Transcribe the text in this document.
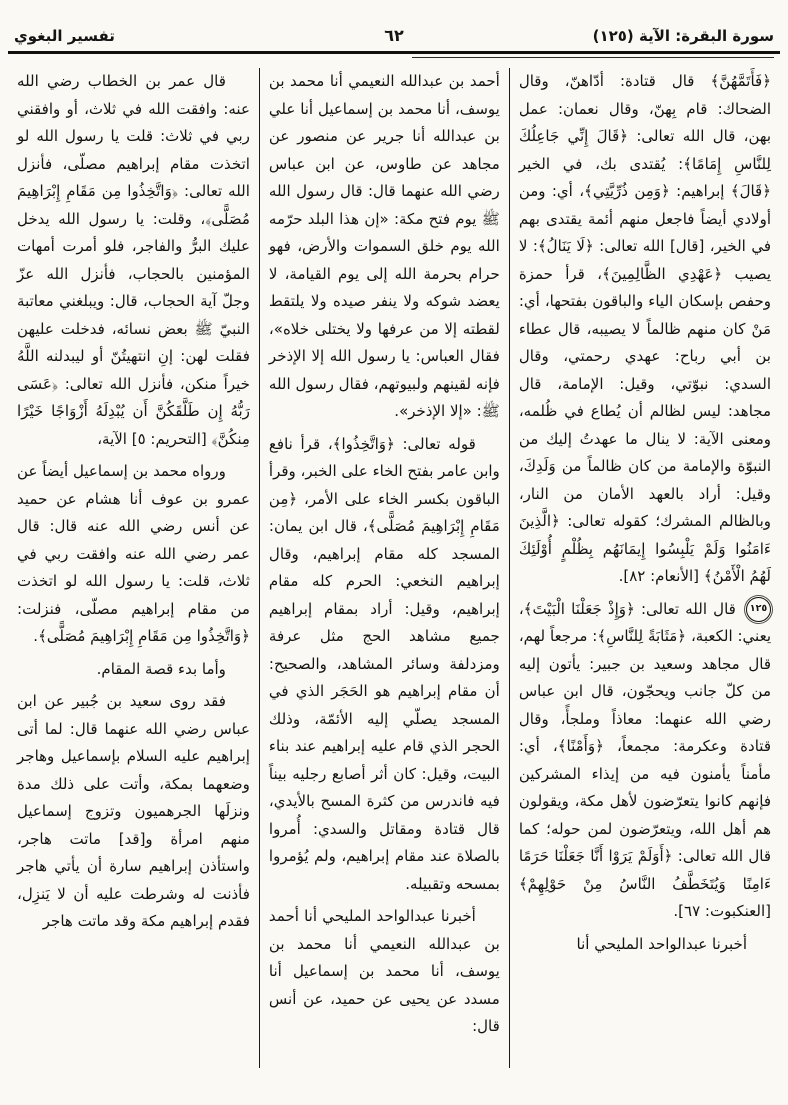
سورة البقرة: الآية (١٢٥)
٦٢
تفسير البغوي

﴿فَأَتَمَّهُنَّ﴾ قال قتادة: أدّاهنّ، وقال الضحاك: قام بِهنّ، وقال نعمان: عمل بهن، قال الله تعالى: ﴿قَالَ إِنِّي جَاعِلُكَ لِلنَّاسِ إِمَامًا﴾: يُقتدى بك، في الخير ﴿قَالَ﴾ إبراهيم: ﴿وَمِن ذُرِّيَّتِي﴾، أي: ومن أولادي أيضاً فاجعل منهم أئمة يقتدى بهم في الخير، [قال] الله تعالى: ﴿لَا يَنَالُ﴾: لا يصيب ﴿عَهْدِي الظَّالِمِينَ﴾، قرأ حمزة وحفص بإسكان الياء والباقون بفتحها، أي: مَنْ كان منهم ظالماً لا يصيبه، قال عطاء بن أبي رباح: عهدي رحمتي، وقال السدي: نبوّتي، وقيل: الإمامة، قال مجاهد: ليس لظالم أن يُطاع في ظُلمه، ومعنى الآية: لا ينال ما عهدتُ إليك من النبوّة والإمامة من كان ظالماً من وَلَدِكَ، وقيل: أراد بالعهد الأمان من النار، وبالظالم المشرك؛ كقوله تعالى: ﴿الَّذِينَ ءَامَنُوا وَلَمْ يَلْبِسُوا إِيمَانَهُم بِظُلْمٍ أُوْلَئِكَ لَهُمُ الْأَمْنُ﴾ [الأنعام: ٨٢].

١٢٥ قال الله تعالى: ﴿وَإِذْ جَعَلْنَا الْبَيْتَ﴾، يعني: الكعبة، ﴿مَثَابَةً لِلنَّاسِ﴾: مرجعاً لهم، قال مجاهد وسعيد بن جبير: يأتون إليه من كلّ جانب ويحجّون، قال ابن عباس رضي الله عنهما: معاذاً وملجأً، وقال قتادة وعكرمة: مجمعاً، ﴿وَأَمْنًا﴾، أي: مأمناً يأمنون فيه من إيذاء المشركين فإنهم كانوا يتعرّضون لأهل مكة، ويقولون هم أهل الله، ويتعرّضون لمن حوله؛ كما قال الله تعالى: ﴿أَوَلَمْ يَرَوْا أَنَّا جَعَلْنَا حَرَمًا ءَامِنًا وَيُتَخَطَّفُ النَّاسُ مِنْ حَوْلِهِمْ﴾ [العنكبوت: ٦٧].

أخبرنا عبدالواحد المليحي أنا

أحمد بن عبدالله النعيمي أنا محمد بن يوسف، أنا محمد بن إسماعيل أنا علي بن عبدالله أنا جرير عن منصور عن مجاهد عن طاوس، عن ابن عباس رضي الله عنهما قال: قال رسول الله ﷺ يوم فتح مكة: «إن هذا البلد حرّمه الله يوم خلق السموات والأرض، فهو حرام بحرمة الله إلى يوم القيامة، لا يعضد شوكه ولا ينفر صيده ولا يلتقط لقطته إلا من عرفها ولا يختلى خلاه»، فقال العباس: يا رسول الله إلا الإذخر فإنه لقينهم ولبيوتهم، فقال رسول الله ﷺ: «إلا الإذخر».

قوله تعالى: ﴿وَاتَّخِذُوا﴾، قرأ نافع وابن عامر بفتح الخاء على الخبر، وقرأ الباقون بكسر الخاء على الأمر، ﴿مِن مَقَامِ إِبْرَاهِيمَ مُصَلًّى﴾، قال ابن يمان: المسجد كله مقام إبراهيم، وقال إبراهيم النخعي: الحرم كله مقام إبراهيم، وقيل: أراد بمقام إبراهيم جميع مشاهد الحج مثل عرفة ومزدلفة وسائر المشاهد، والصحيح: أن مقام إبراهيم هو الحَجَر الذي في المسجد يصلّي إليه الأئمّة، وذلك الحجر الذي قام عليه إبراهيم عند بناء البيت، وقيل: كان أثر أصابع رجليه بيناً فيه فاندرس من كثرة المسح بالأيدي، قال قتادة ومقاتل والسدي: أُمروا بالصلاة عند مقام إبراهيم، ولم يُؤمروا بمسحه وتقبيله.

أخبرنا عبدالواحد المليحي أنا أحمد بن عبدالله النعيمي أنا محمد بن يوسف، أنا محمد بن إسماعيل أنا مسدد عن يحيى عن حميد، عن أنس قال:

قال عمر بن الخطاب رضي الله عنه: وافقت الله في ثلاث، أو وافقني ربي في ثلاث: قلت يا رسول الله لو اتخذت مقام إبراهيم مصلّى، فأنزل الله تعالى: ﴿وَاتَّخِذُوا مِن مَقَامِ إِبْرَاهِيمَ مُصَلًّى﴾، وقلت: يا رسول الله يدخل عليك البرُّ والفاجر، فلو أمرت أمهات المؤمنين بالحجاب، فأنزل الله عزّ وجلّ آية الحجاب، قال: ويبلغني معاتبة النبيّ ﷺ بعض نسائه، فدخلت عليهن فقلت لهن: إنِ انتهيتُنّ أو ليبدلنه اللَّهُ خيراً منكن، فأنزل الله تعالى: ﴿عَسَى رَبُّهُ إِن طَلَّقَكُنَّ أَن يُبْدِلَهُ أَزْوَاجًا خَيْرًا مِنكُنَّ﴾ [التحريم: ٥] الآية،

ورواه محمد بن إسماعيل أيضاً عن عمرو بن عوف أنا هشام عن حميد عن أنس رضي الله عنه قال: قال عمر رضي الله عنه وافقت ربي في ثلاث، قلت: يا رسول الله لو اتخذت من مقام إبراهيم مصلّى، فنزلت: ﴿وَاتَّخِذُوا مِن مَقَامِ إِبْرَاهِيمَ مُصَلًّى﴾.

وأما بدء قصة المقام.

فقد روى سعيد بن جُبير عن ابن عباس رضي الله عنهما قال: لما أتى إبراهيم عليه السلام بإسماعيل وهاجر وضعهما بمكة، وأتت على ذلك مدة ونزلَها الجرهميون وتزوج إسماعيل منهم امرأة و[قد] ماتت هاجر، واستأذن إبراهيم سارة أن يأتي هاجر فأذنت له وشرطت عليه أن لا يَنزِل، فقدم إبراهيم مكة وقد ماتت هاجر
